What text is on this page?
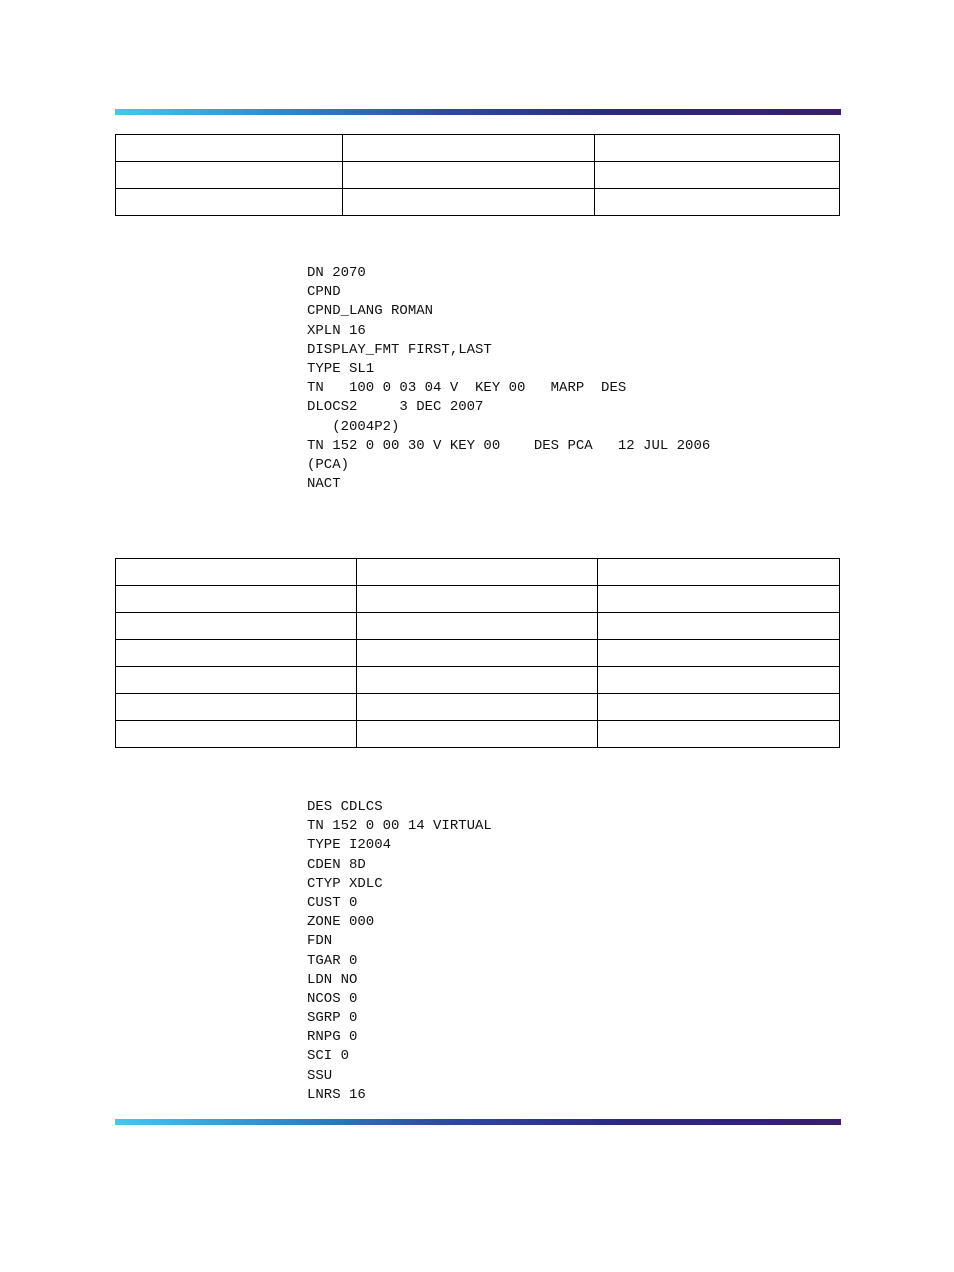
DN 2070
CPND
CPND_LANG ROMAN
XPLN 16
DISPLAY_FMT FIRST,LAST
TYPE SL1
TN   100 0 03 04 V  KEY 00   MARP  DES
DLOCS2     3 DEC 2007
(2004P2)
TN 152 0 00 30 V KEY 00    DES PCA   12 JUL 2006
(PCA)
NACT

DES CDLCS
TN 152 0 00 14 VIRTUAL
TYPE I2004
CDEN 8D
CTYP XDLC
CUST 0
ZONE 000
FDN
TGAR 0
LDN NO
NCOS 0
SGRP 0
RNPG 0
SCI 0
SSU
LNRS 16
